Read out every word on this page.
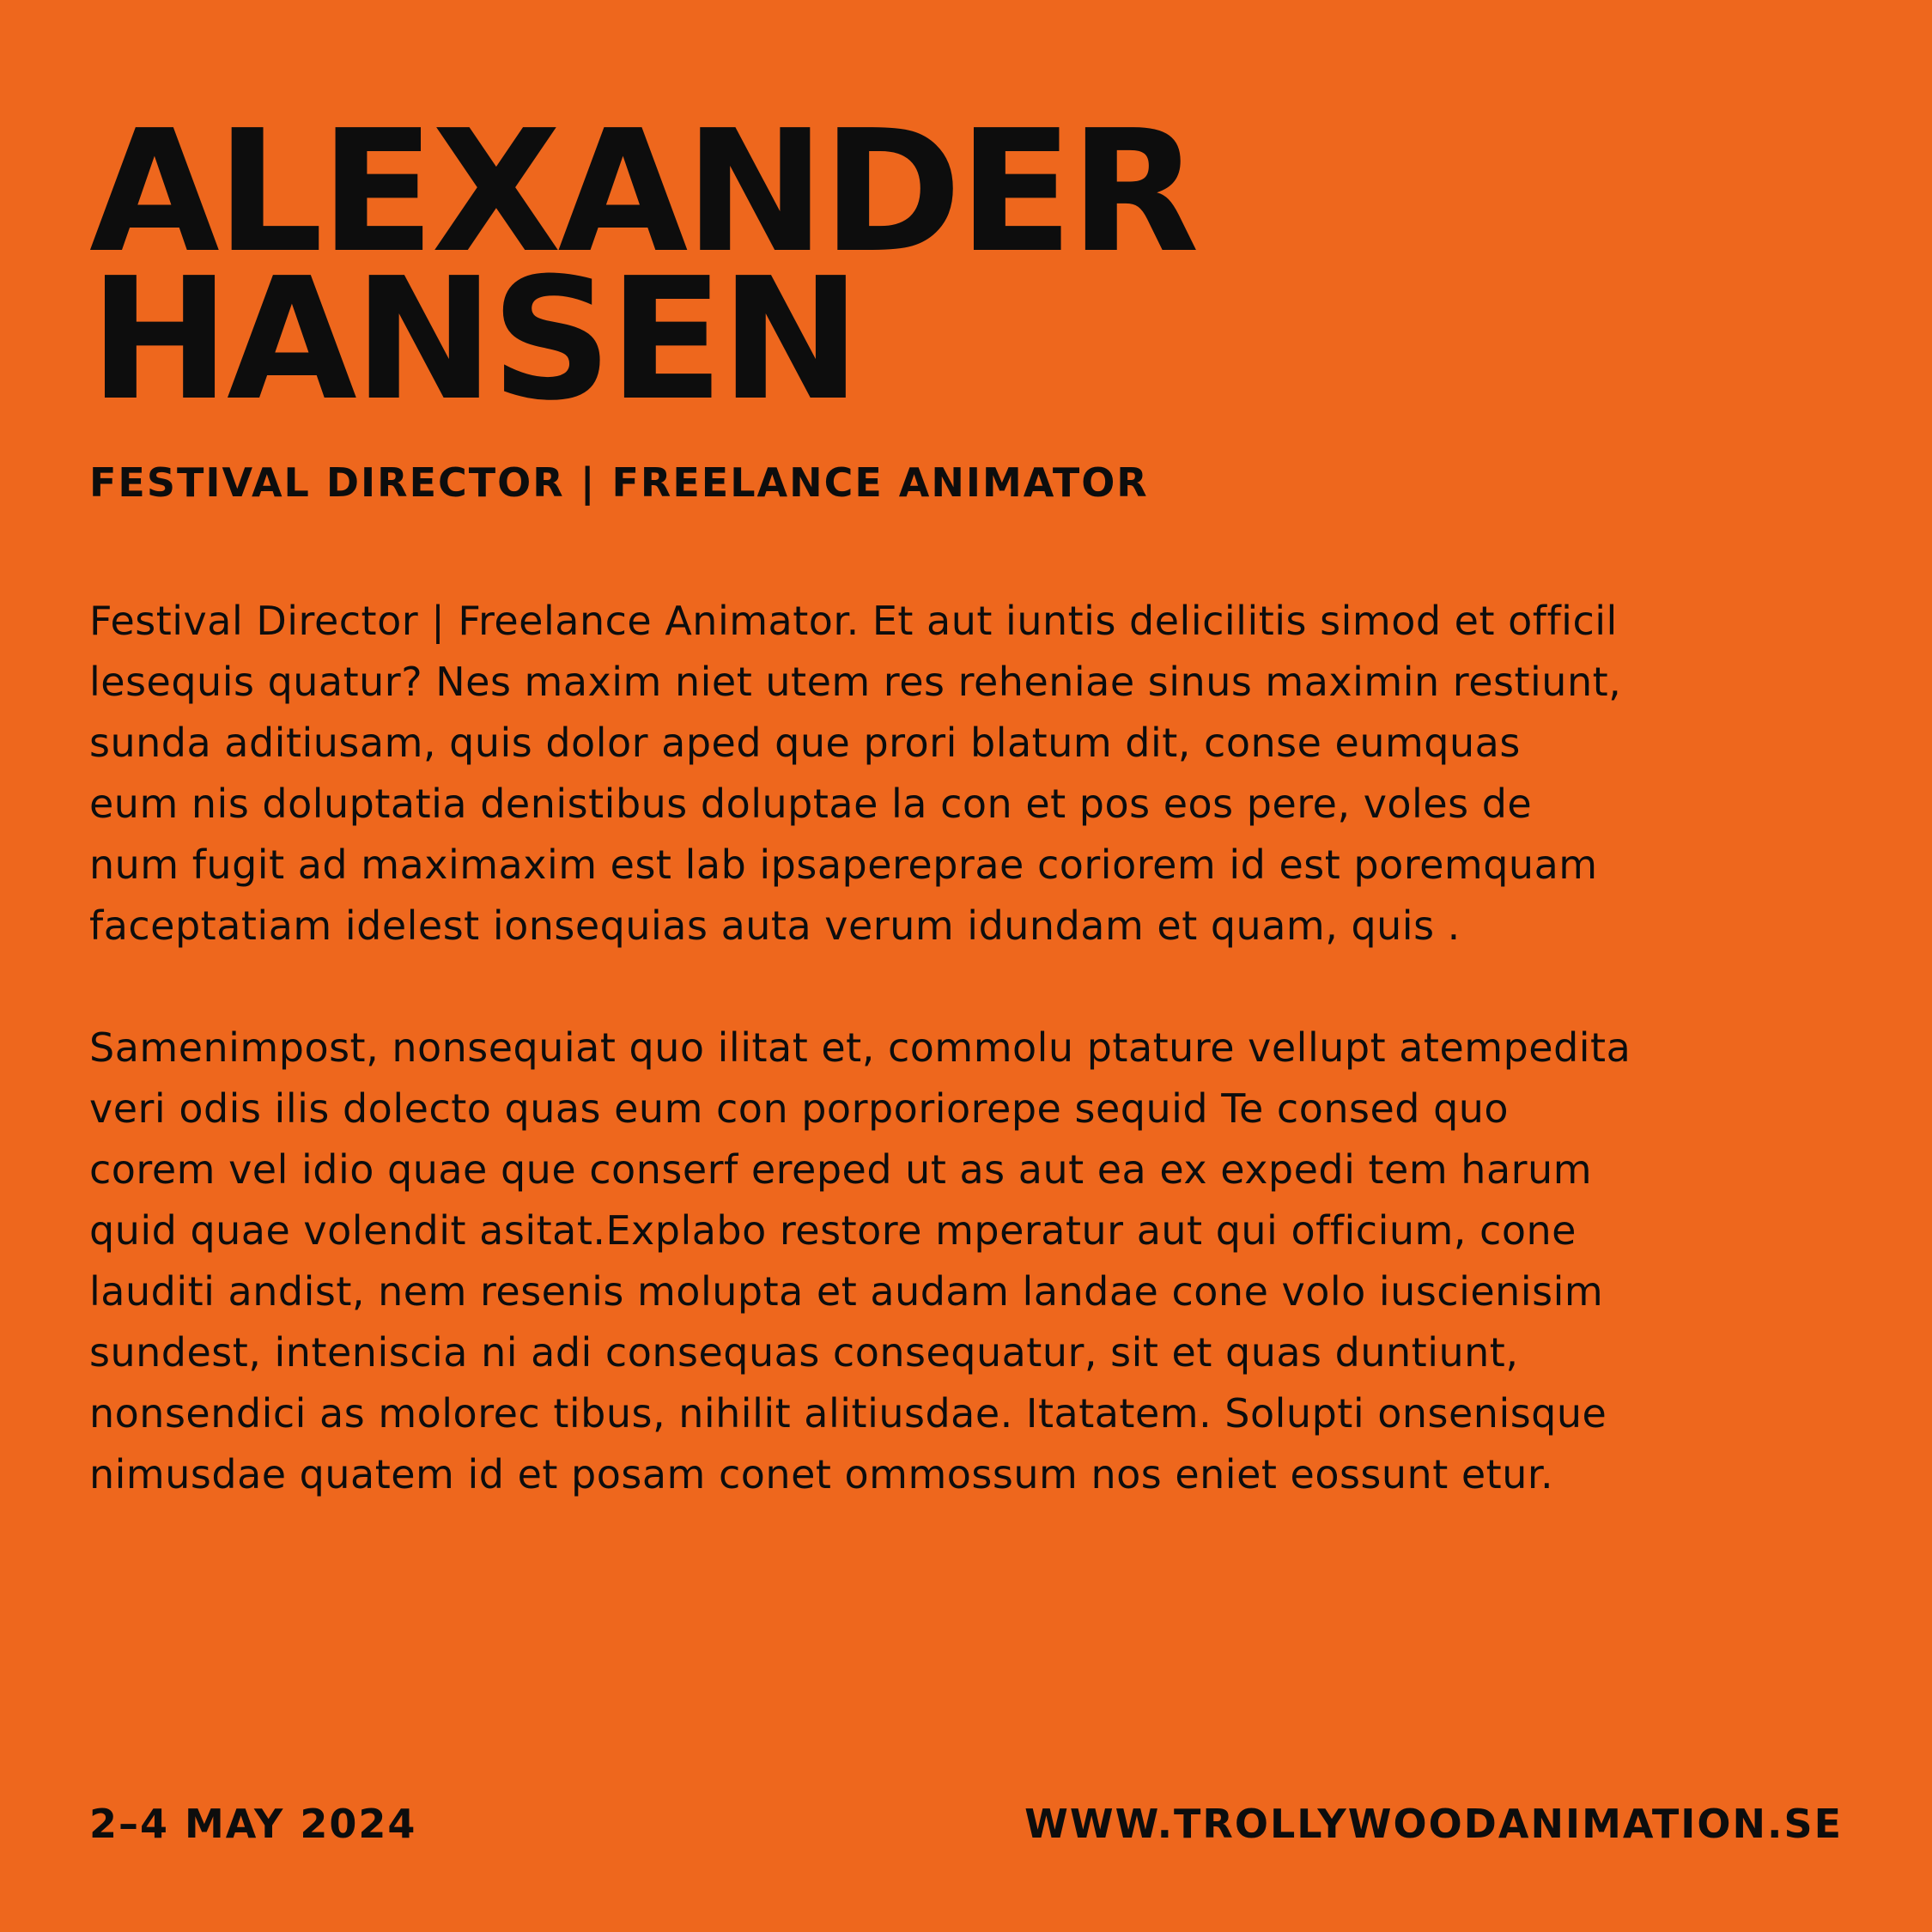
ALEXANDER
HANSEN
FESTIVAL DIRECTOR | FREELANCE ANIMATOR

Festival Director | Freelance Animator. Et aut iuntis delicilitis simod et officil
lesequis quatur? Nes maxim niet utem res reheniae sinus maximin restiunt,
sunda aditiusam, quis dolor aped que prori blatum dit, conse eumquas
eum nis doluptatia denistibus doluptae la con et pos eos pere, voles de
num fugit ad maximaxim est lab ipsapereprae coriorem id est poremquam
faceptatiam idelest ionsequias auta verum idundam et quam, quis .

Samenimpost, nonsequiat quo ilitat et, commolu ptature vellupt atempedita
veri odis ilis dolecto quas eum con porporiorepe sequid Te consed quo
corem vel idio quae que conserf ereped ut as aut ea ex expedi tem harum
quid quae volendit asitat.Explabo restore mperatur aut qui officium, cone
lauditi andist, nem resenis molupta et audam landae cone volo iuscienisim
sundest, inteniscia ni adi consequas consequatur, sit et quas duntiunt,
nonsendici as molorec tibus, nihilit alitiusdae. Itatatem. Solupti onsenisque
nimusdae quatem id et posam conet ommossum nos eniet eossunt etur.

2–4 MAY 2024	WWW.TROLLYWOODANIMATION.SE
